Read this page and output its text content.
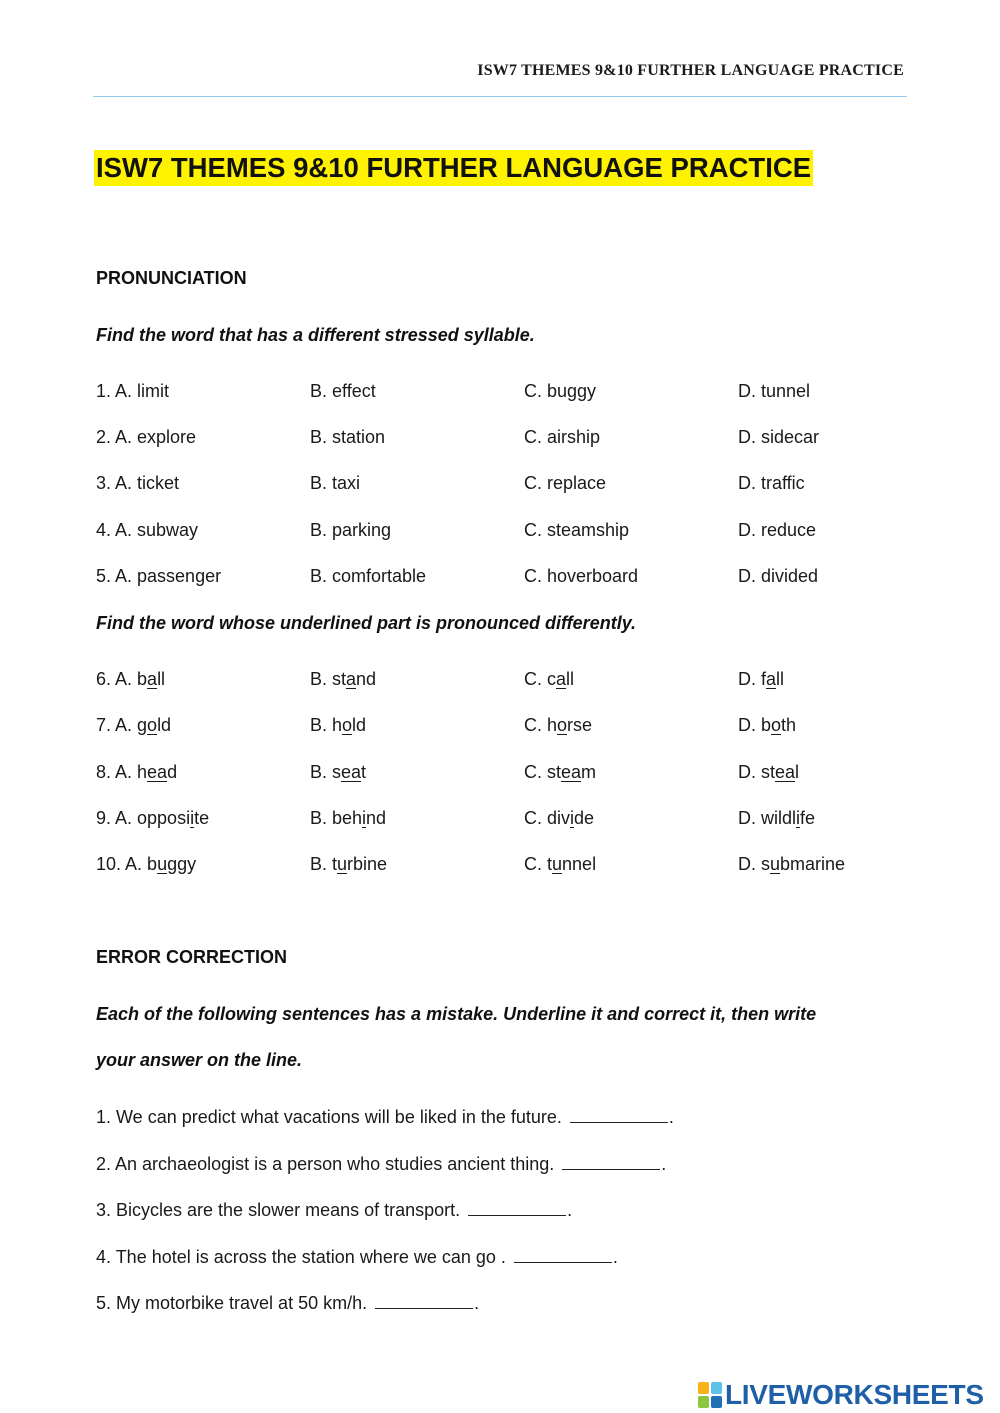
ISW7 THEMES 9&10 FURTHER LANGUAGE PRACTICE
ISW7 THEMES 9&10 FURTHER LANGUAGE PRACTICE
PRONUNCIATION
Find the word that has a different stressed syllable.
1. A. limit	B. effect	C. buggy	D. tunnel
2. A. explore	B. station	C. airship	D. sidecar
3. A. ticket	B. taxi	C. replace	D. traffic
4. A. subway	B. parking	C. steamship	D. reduce
5. A. passenger	B. comfortable	C. hoverboard	D. divided
Find the word whose underlined part is pronounced differently.
6. A. ball	B. stand	C. call	D. fall
7. A. gold	B. hold	C. horse	D. both
8. A. head	B. seat	C. steam	D. steal
9. A. opposiite	B. behind	C. divide	D. wildlife
10. A. buggy	B. turbine	C. tunnel	D. submarine
ERROR CORRECTION
Each of the following sentences has a mistake. Underline it and correct it, then write
your answer on the line.
1. We can predict what vacations will be liked in the future.	.
2. An archaeologist is a person who studies ancient thing.	.
3. Bicycles are the slower means of transport.	.
4. The hotel is across the station where we can go .	.
5. My motorbike travel at 50 km/h.	.
LIVEWORKSHEETS
